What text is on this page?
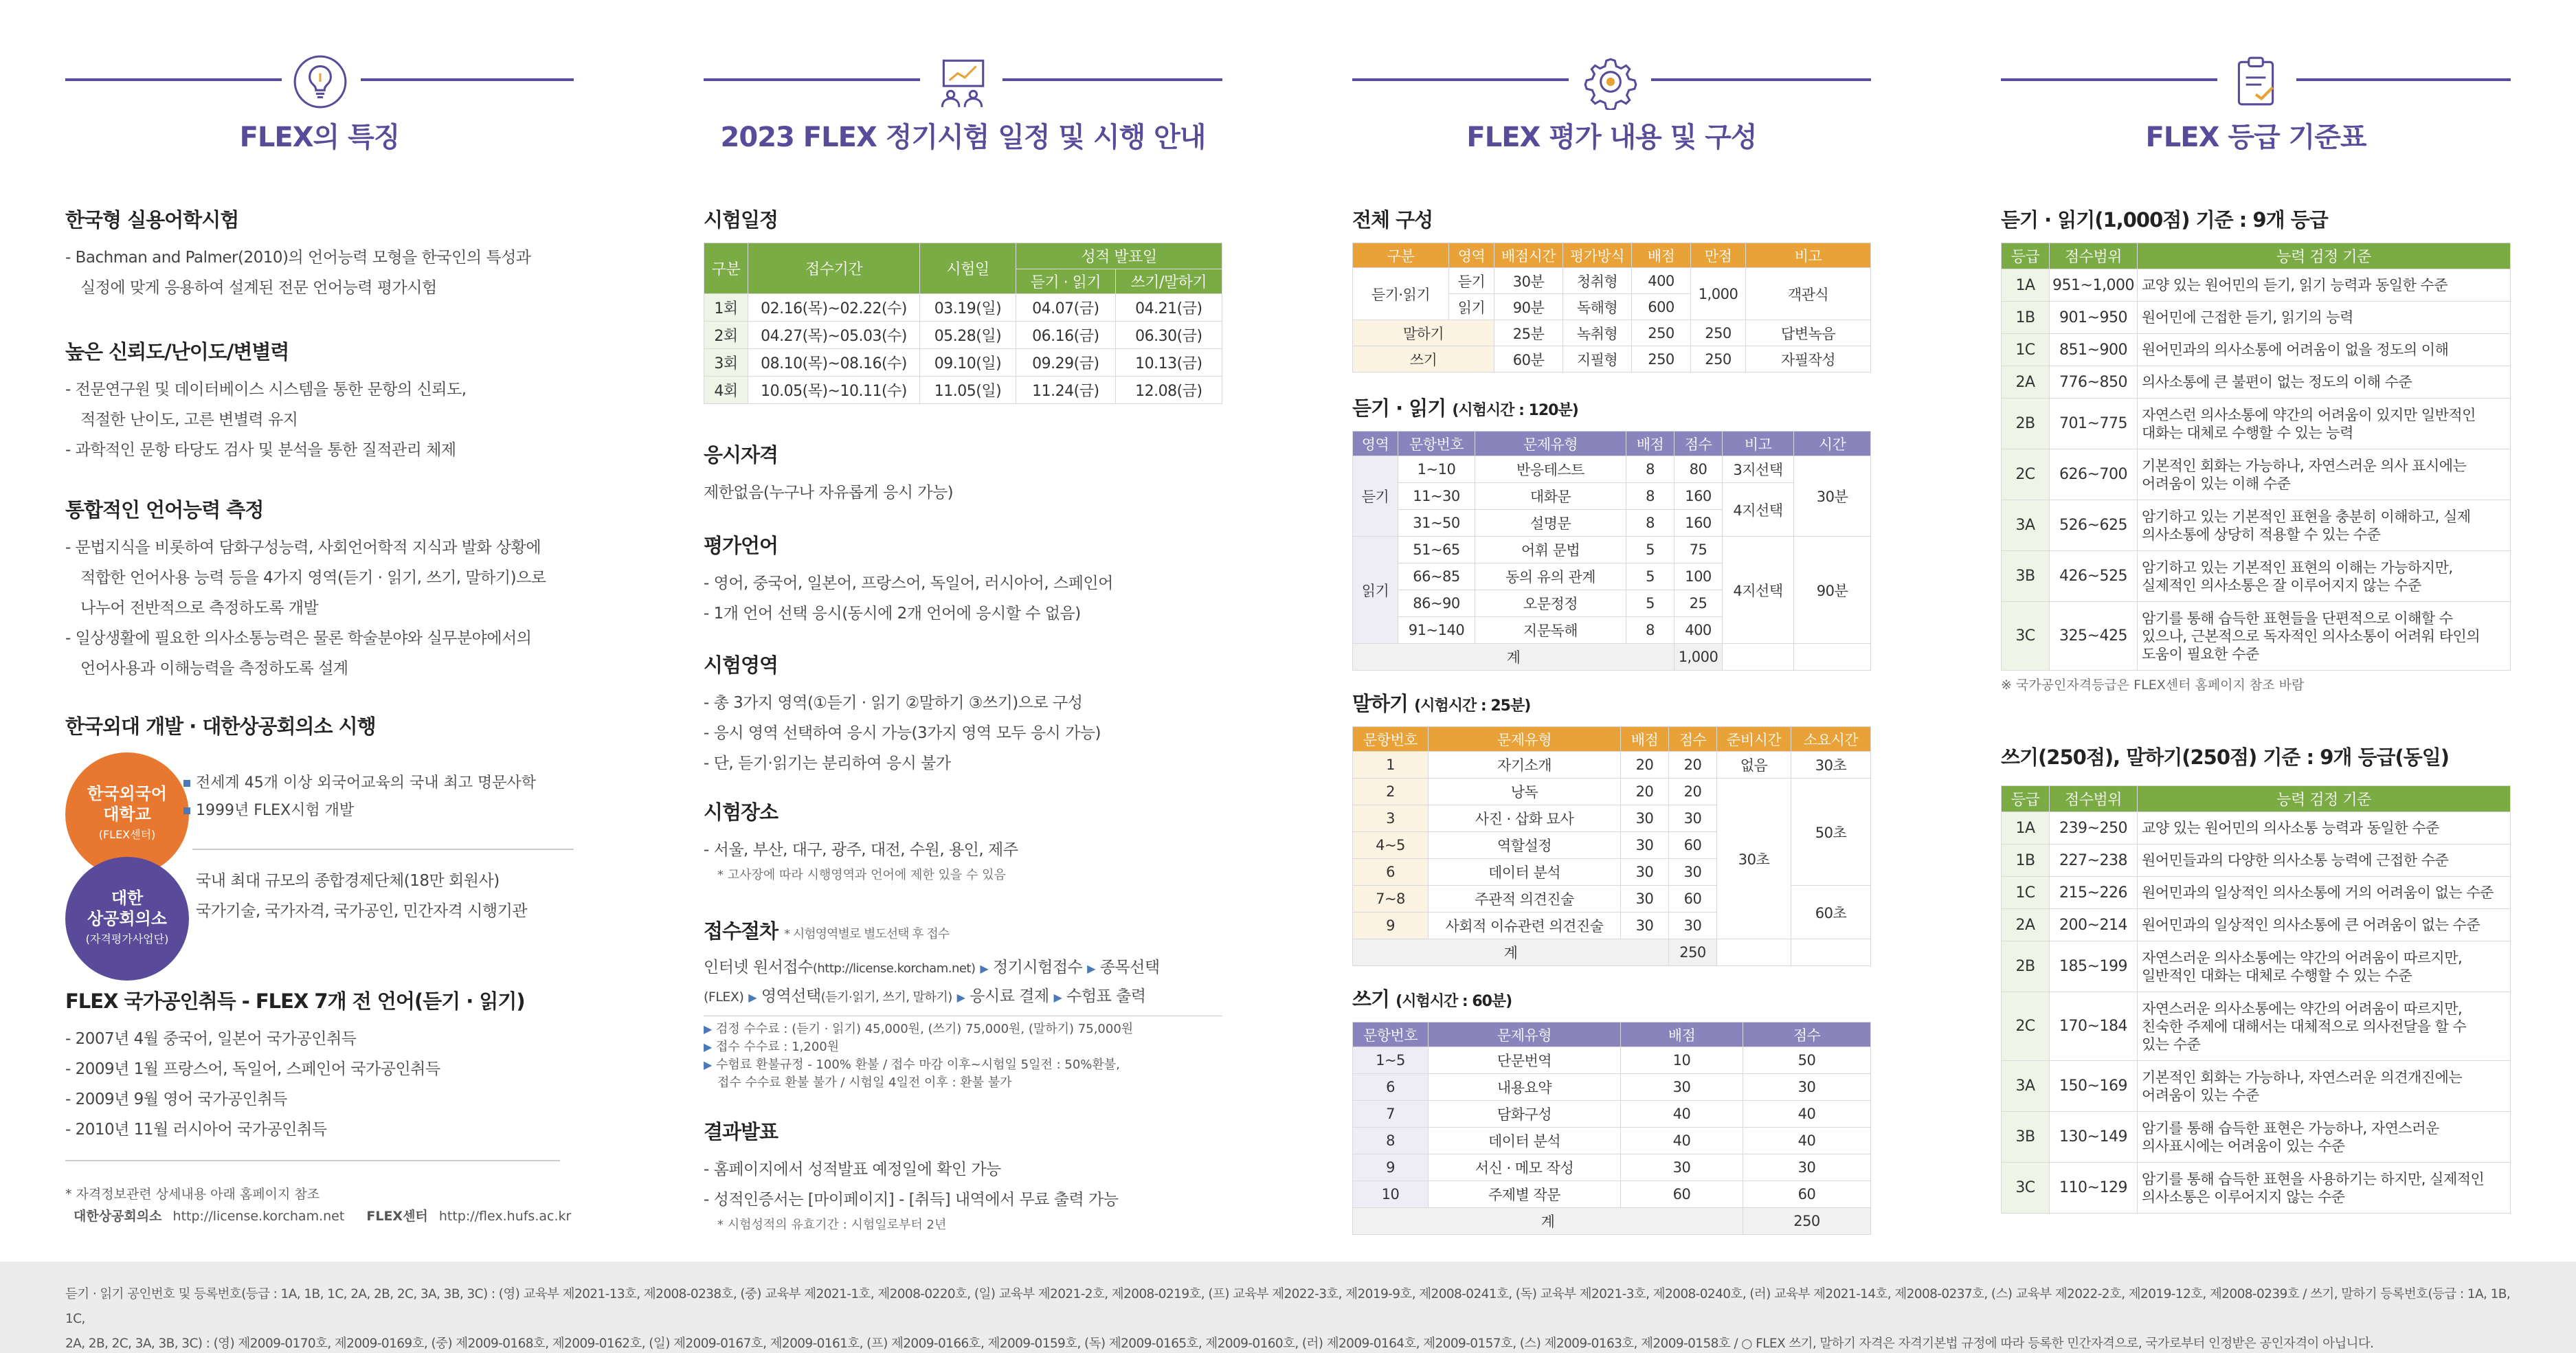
FLEX의 특징
한국형 실용어학시험
- Bachman and Palmer(2010)의 언어능력 모형을 한국인의 특성과
실정에 맞게 응용하여 설계된 전문 언어능력 평가시험
높은 신뢰도/난이도/변별력
- 전문연구원 및 데이터베이스 시스템을 통한 문항의 신뢰도,
적절한 난이도, 고른 변별력 유지
- 과학적인 문항 타당도 검사 및 분석을 통한 질적관리 체제
통합적인 언어능력 측정
- 문법지식을 비롯하여 담화구성능력, 사회언어학적 지식과 발화 상황에
적합한 언어사용 능력 등을 4가지 영역(듣기 · 읽기, 쓰기, 말하기)으로
나누어 전반적으로 측정하도록 개발
- 일상생활에 필요한 의사소통능력은 물론 학술분야와 실무분야에서의
언어사용과 이해능력을 측정하도록 설계
한국외대 개발 · 대한상공회의소 시행
한국외국어
대학교
(FLEX센터)
전세계 45개 이상 외국어교육의 국내 최고 명문사학
1999년 FLEX시험 개발
대한
상공회의소
(자격평가사업단)
국내 최대 규모의 종합경제단체(18만 회원사)
국가기술, 국가자격, 국가공인, 민간자격 시행기관
FLEX 국가공인취득 - FLEX 7개 전 언어(듣기 · 읽기)
- 2007년 4월 중국어, 일본어 국가공인취득
- 2009년 1월 프랑스어, 독일어, 스페인어 국가공인취득
- 2009년 9월 영어 국가공인취득
- 2010년 11월 러시아어 국가공인취득
* 자격정보관련 상세내용 아래 홈페이지 참조
대한상공회의소 http://license.korcham.net FLEX센터 http://flex.hufs.ac.kr
2023 FLEX 정기시험 일정 및 시행 안내
시험일정
구분	접수기간	시험일	성적 발표일	
			듣기 · 읽기	쓰기/말하기
1회	02.16(목)~02.22(수)	03.19(일)	04.07(금)	04.21(금)
2회	04.27(목)~05.03(수)	05.28(일)	06.16(금)	06.30(금)
3회	08.10(목)~08.16(수)	09.10(일)	09.29(금)	10.13(금)
4회	10.05(목)~10.11(수)	11.05(일)	11.24(금)	12.08(금)
응시자격
제한없음(누구나 자유롭게 응시 가능)
평가언어
- 영어, 중국어, 일본어, 프랑스어, 독일어, 러시아어, 스페인어
- 1개 언어 선택 응시(동시에 2개 언어에 응시할 수 없음)
시험영역
- 총 3가지 영역(①듣기 · 읽기 ②말하기 ③쓰기)으로 구성
- 응시 영역 선택하여 응시 가능(3가지 영역 모두 응시 가능)
- 단, 듣기·읽기는 분리하여 응시 불가
시험장소
- 서울, 부산, 대구, 광주, 대전, 수원, 용인, 제주
* 고사장에 따라 시행영역과 언어에 제한 있을 수 있음
접수절차 * 시험영역별로 별도선택 후 접수
인터넷 원서접수(http://license.korcham.net) ▶ 정기시험접수 ▶ 종목선택
(FLEX) ▶ 영역선택(듣기·읽기, 쓰기, 말하기) ▶ 응시료 결제 ▶ 수험표 출력
▶ 검정 수수료 : (듣기 · 읽기) 45,000원, (쓰기) 75,000원, (말하기) 75,000원
▶ 접수 수수료 : 1,200원
▶ 수험료 환불규정 - 100% 환불 / 접수 마감 이후~시험일 5일전 : 50%환불,
접수 수수료 환불 불가 / 시험일 4일전 이후 : 환불 불가
결과발표
- 홈페이지에서 성적발표 예정일에 확인 가능
- 성적인증서는 [마이페이지] - [취득] 내역에서 무료 출력 가능
* 시험성적의 유효기간 : 시험일로부터 2년
FLEX 평가 내용 및 구성
전체 구성
구분	영역	배점시간	평가방식	배점	만점	비고
듣기·읽기	듣기	30분	청취형	400	1,000	객관식
	읽기	90분	독해형	600		
말하기		25분	녹취형	250	250	답변녹음
쓰기		60분	지필형	250	250	자필작성
듣기 · 읽기 (시험시간 : 120분)
영역	문항번호	문제유형	배점	점수	비고	시간
듣기	1~10	반응테스트	8	80	3지선택	30분
	11~30	대화문	8	160	4지선택	
	31~50	설명문	8	160		
읽기	51~65	어휘 문법	5	75	4지선택	90분
	66~85	동의 유의 관계	5	100		
	86~90	오문정정	5	25		
	91~140	지문독해	8	400		
계				1,000		
말하기 (시험시간 : 25분)
문항번호	문제유형	배점	점수	준비시간	소요시간
1	자기소개	20	20	없음	30초
2	낭독	20	20	30초	50초
3	사진 · 삽화 묘사	30	30		
4~5	역할설정	30	60		
6	데이터 분석	30	30		
7~8	주관적 의견진술	30	60		60초
9	사회적 이슈관련 의견진술	30	30		
계			250		
쓰기 (시험시간 : 60분)
문항번호	문제유형	배점	점수
1~5	단문번역	10	50
6	내용요약	30	30
7	담화구성	40	40
8	데이터 분석	40	40
9	서신 · 메모 작성	30	30
10	주제별 작문	60	60
계			250
FLEX 등급 기준표
듣기 · 읽기(1,000점) 기준 : 9개 등급
등급	점수범위	능력 검정 기준
1A	951~1,000	교양 있는 원어민의 듣기, 읽기 능력과 동일한 수준

1B	901~950	원어민에 근접한 듣기, 읽기의 능력

1C	851~900	원어민과의 의사소통에 어려움이 없을 정도의 이해

2A	776~850	의사소통에 큰 불편이 없는 정도의 이해 수준

2B	701~775	자연스런 의사소통에 약간의 어려움이 있지만 일반적인
대화는 대체로 수행할 수 있는 능력

2C	626~700	기본적인 회화는 가능하나, 자연스러운 의사 표시에는
어려움이 있는 이해 수준

3A	526~625	암기하고 있는 기본적인 표현을 충분히 이해하고, 실제
의사소통에 상당히 적용할 수 있는 수준

3B	426~525	암기하고 있는 기본적인 표현의 이해는 가능하지만,
실제적인 의사소통은 잘 이루어지지 않는 수준

3C	325~425	암기를 통해 습득한 표현들을 단편적으로 이해할 수
있으나, 근본적으로 독자적인 의사소통이 어려워 타인의
도움이 필요한 수준
※ 국가공인자격등급은 FLEX센터 홈페이지 참조 바람
쓰기(250점), 말하기(250점) 기준 : 9개 등급(동일)
등급	점수범위	능력 검정 기준
1A	239~250	교양 있는 원어민의 의사소통 능력과 동일한 수준

1B	227~238	원어민들과의 다양한 의사소통 능력에 근접한 수준

1C	215~226	원어민과의 일상적인 의사소통에 거의 어려움이 없는 수준

2A	200~214	원어민과의 일상적인 의사소통에 큰 어려움이 없는 수준

2B	185~199	자연스러운 의사소통에는 약간의 어려움이 따르지만,
일반적인 대화는 대체로 수행할 수 있는 수준

2C	170~184	자연스러운 의사소통에는 약간의 어려움이 따르지만,
친숙한 주제에 대해서는 대체적으로 의사전달을 할 수
있는 수준

3A	150~169	기본적인 회화는 가능하나, 자연스러운 의견개진에는
어려움이 있는 수준

3B	130~149	암기를 통해 습득한 표현은 가능하나, 자연스러운
의사표시에는 어려움이 있는 수준

3C	110~129	암기를 통해 습득한 표현을 사용하기는 하지만, 실제적인
의사소통은 이루어지지 않는 수준
듣기 · 읽기 공인번호 및 등록번호(등급 : 1A, 1B, 1C, 2A, 2B, 2C, 3A, 3B, 3C) : (영) 교육부 제2021-13호, 제2008-0238호, (중) 교육부 제2021-1호, 제2008-0220호, (일) 교육부 제2021-2호, 제2008-0219호, (프) 교육부 제2022-3호, 제2019-9호, 제2008-0241호, (독) 교육부 제2021-3호, 제2008-0240호, (러) 교육부 제2021-14호, 제2008-0237호, (스) 교육부 제2022-2호, 제2019-12호, 제2008-0239호 / 쓰기, 말하기 등록번호(등급 : 1A, 1B, 1C,
2A, 2B, 2C, 3A, 3B, 3C) : (영) 제2009-0170호, 제2009-0169호, (중) 제2009-0168호, 제2009-0162호, (일) 제2009-0167호, 제2009-0161호, (프) 제2009-0166호, 제2009-0159호, (독) 제2009-0165호, 제2009-0160호, (러) 제2009-0164호, 제2009-0157호, (스) 제2009-0163호, 제2009-0158호 / ○ FLEX 쓰기, 말하기 자격은 자격기본법 규정에 따라 등록한 민간자격으로, 국가로부터 인정받은 공인자격이 아닙니다.
